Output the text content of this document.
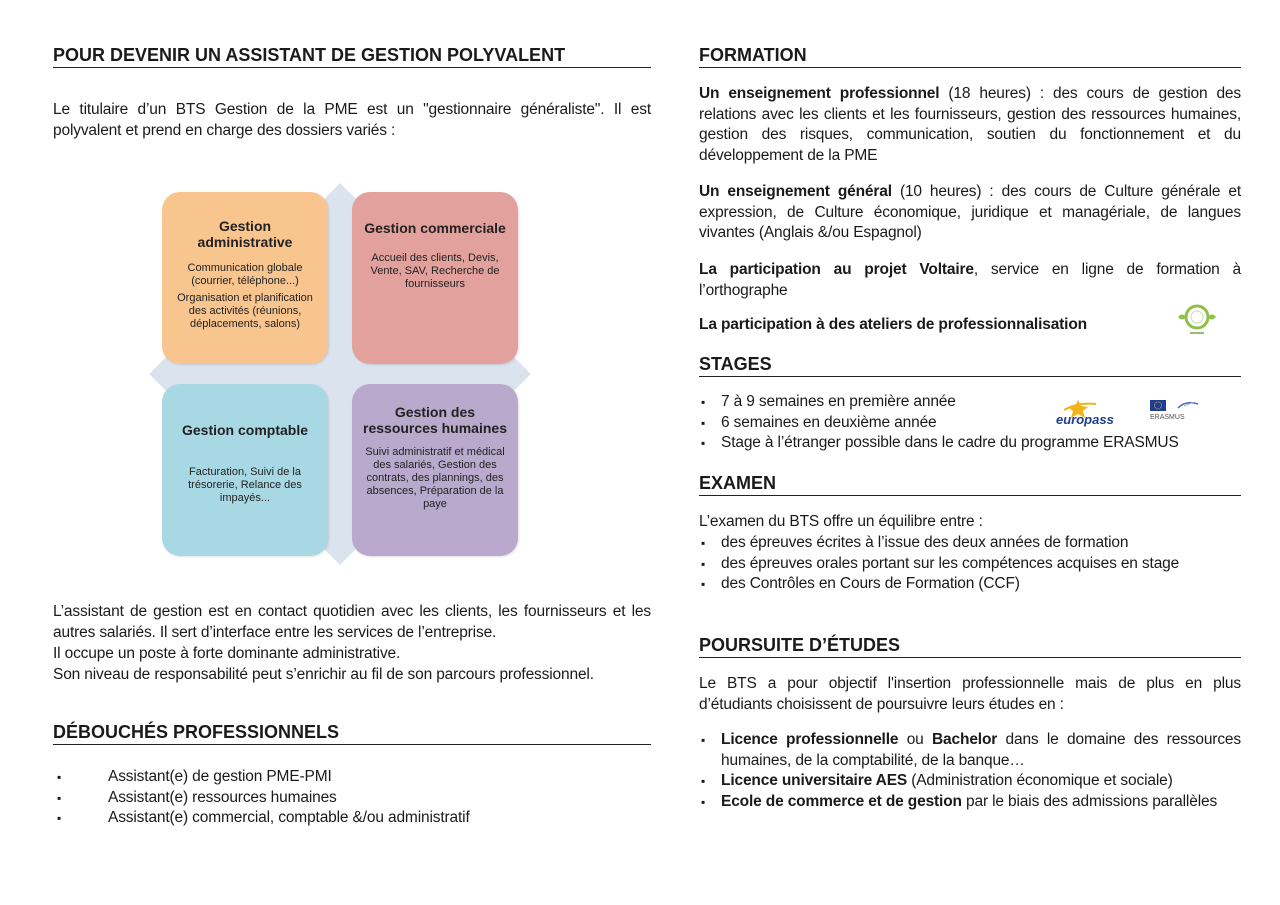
POUR DEVENIR UN ASSISTANT DE GESTION POLYVALENT
Le titulaire d’un BTS Gestion de la PME est un "gestionnaire généraliste". Il est polyvalent et prend en charge des dossiers variés :
L’assistant de gestion est en contact quotidien avec les clients, les fournisseurs et les autres salariés. Il sert d’interface entre les services de l’entreprise.
Il occupe un poste à forte dominante administrative.
Son niveau de responsabilité peut s’enrichir au fil de son parcours professionnel.
DÉBOUCHÉS PROFESSIONNELS
▪ Assistant(e) de gestion PME-PMI
▪ Assistant(e) ressources humaines
▪ Assistant(e) commercial, comptable &/ou administratif
Gestion administrative
Communication globale (courrier, téléphone...)
Organisation et planification des activités (réunions, déplacements, salons)
Gestion commerciale
Accueil des clients, Devis, Vente, SAV, Recherche de fournisseurs
Gestion comptable
Facturation, Suivi de la trésorerie, Relance des impayés...
Gestion des ressources humaines
Suivi administratif et médical des salariés, Gestion des contrats, des plannings, des absences, Préparation de la paye
FORMATION
Un enseignement professionnel (18 heures) : des cours de gestion des relations avec les clients et les fournisseurs, gestion des ressources humaines, gestion des risques, communication, soutien du fonctionnement et du développement de la PME
Un enseignement général (10 heures) : des cours de Culture générale et expression, de Culture économique, juridique et managériale, de langues vivantes (Anglais &/ou Espagnol)
La participation au projet Voltaire, service en ligne de formation à l’orthographe
La participation à des ateliers de professionnalisation
STAGES
▪ 7 à 9 semaines en première année
▪ 6 semaines en deuxième année
▪ Stage à l’étranger possible dans le cadre du programme ERASMUS
EXAMEN
L’examen du BTS offre un équilibre entre :
▪ des épreuves écrites à l’issue des deux années de formation
▪ des épreuves orales portant sur les compétences acquises en stage
▪ des Contrôles en Cours de Formation (CCF)
POURSUITE D’ÉTUDES
Le BTS a pour objectif l'insertion professionnelle mais de plus en plus d’étudiants choisissent de poursuivre leurs études en :
▪ Licence professionnelle ou Bachelor dans le domaine des ressources humaines, de la comptabilité, de la banque…
▪ Licence universitaire AES (Administration économique et sociale)
▪ Ecole de commerce et de gestion par le biais des admissions parallèles
europass	ERASMUS
